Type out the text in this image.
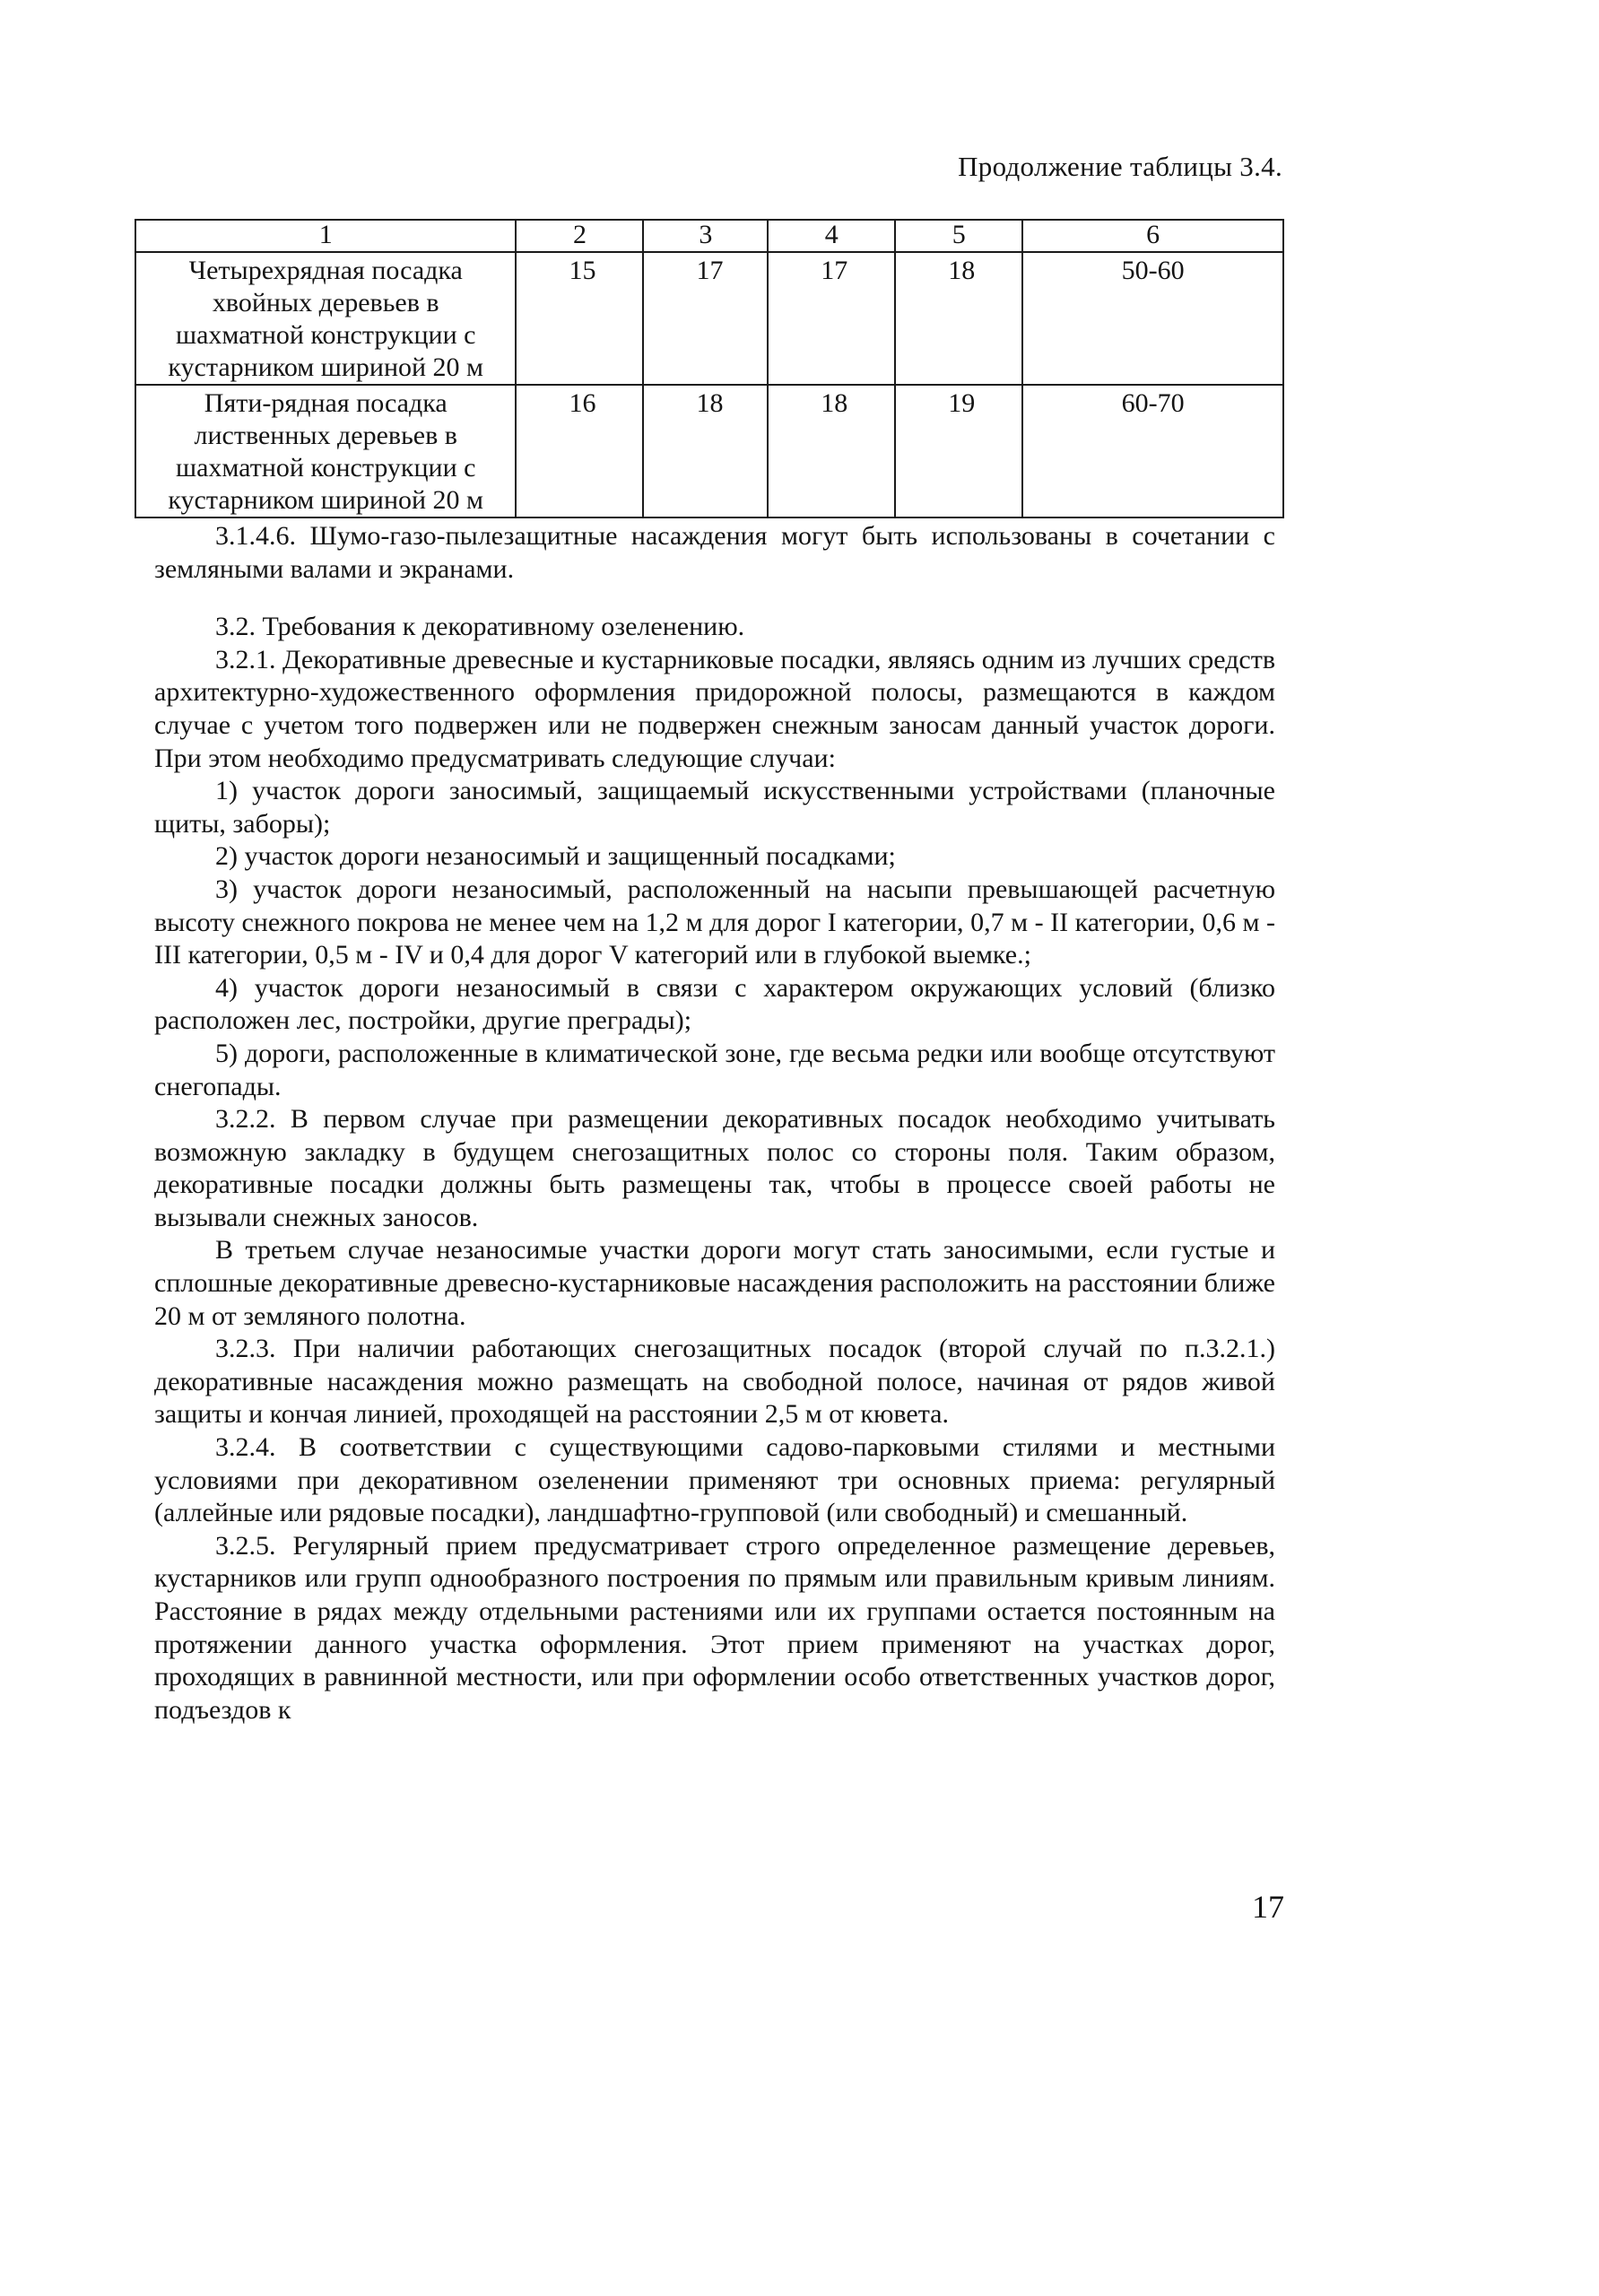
Продолжение таблицы 3.4.
1	2	3	4	5	6

Четырехрядная посадка
хвойных деревьев в
шахматной конструкции с
кустарником шириной 20 м	15	17	17	18	50-60

Пяти-рядная посадка
лиственных деревьев в
шахматной конструкции с
кустарником шириной 20 м	16	18	18	19	60-70

3.1.4.6. Шумо-газо-пылезащитные насаждения могут быть использованы в сочетании с земляными валами и экранами.

3.2. Требования к декоративному озеленению.

3.2.1. Декоративные древесные и кустарниковые посадки, являясь одним из лучших средств архитектурно-художественного оформления придорожной полосы, размещаются в каждом случае с учетом того подвержен или не подвержен снежным заносам данный участок дороги. При этом необходимо предусматривать следующие случаи:

1) участок дороги заносимый, защищаемый искусственными устройствами (планочные щиты, заборы);

2) участок дороги незаносимый и защищенный посадками;

3) участок дороги незаносимый, расположенный на насыпи превышающей расчетную высоту снежного покрова не менее чем на 1,2 м для дорог I категории, 0,7 м - II категории, 0,6 м - III категории, 0,5 м - IV и 0,4 для дорог V категорий или в глубокой выемке.;

4) участок дороги незаносимый в связи с характером окружающих условий (близко расположен лес, постройки, другие преграды);

5) дороги, расположенные в климатической зоне, где весьма редки или вообще отсутствуют снегопады.

3.2.2. В первом случае при размещении декоративных посадок необходимо учитывать возможную закладку в будущем снегозащитных полос со стороны поля. Таким образом, декоративные посадки должны быть размещены так, чтобы в процессе своей работы не вызывали снежных заносов.

В третьем случае незаносимые участки дороги могут стать заносимыми, если густые и сплошные декоративные древесно-кустарниковые насаждения расположить на расстоянии ближе 20 м от земляного полотна.

3.2.3. При наличии работающих снегозащитных посадок (второй случай по п.3.2.1.) декоративные насаждения можно размещать на свободной полосе, начиная от рядов живой защиты и кончая линией, проходящей на расстоянии 2,5 м от кювета.

3.2.4. В соответствии с существующими садово-парковыми стилями и местными условиями при декоративном озеленении применяют три основных приема: регулярный (аллейные или рядовые посадки), ландшафтно-групповой (или свободный) и смешанный.

3.2.5. Регулярный прием предусматривает строго определенное размещение деревьев, кустарников или групп однообразного построения по прямым или правильным кривым линиям. Расстояние в рядах между отдельными растениями или их группами остается постоянным на протяжении данного участка оформления. Этот прием применяют на участках дорог, проходящих в равнинной местности, или при оформлении особо ответственных участков дорог, подъездов к

17
